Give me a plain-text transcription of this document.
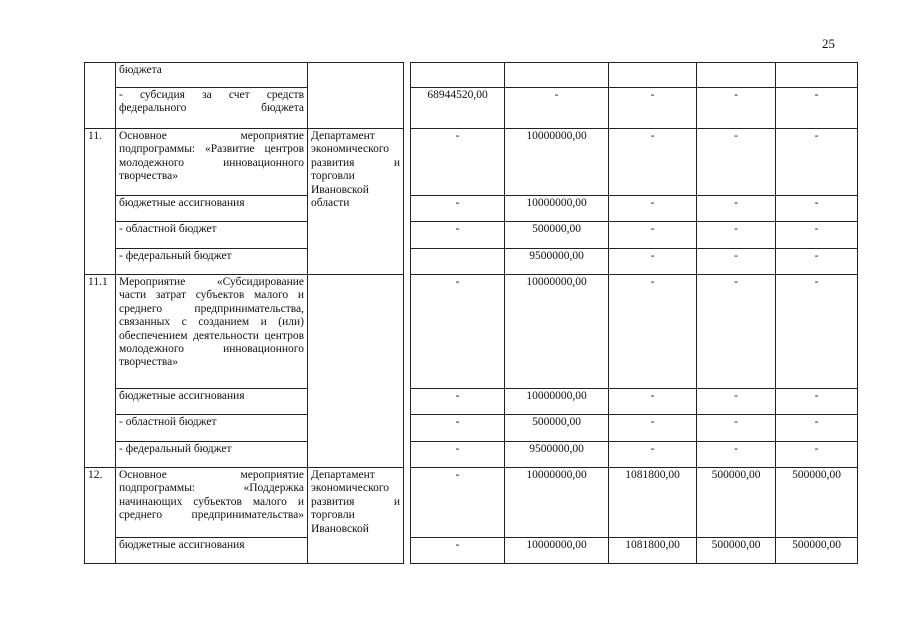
25
	бюджета							
	- субсидия за счет средств федерального бюджета			68944520,00	-	-	-	-
11.	Основное мероприятие подпрограммы: «Развитие центров молодежного инновационного творчества»	Департамент экономического развития и торговли Ивановской области		-	10000000,00	-	-	-
	бюджетные ассигнования			-	10000000,00	-	-	-
	- областной бюджет			-	500000,00	-	-	-
	- федеральный бюджет				9500000,00	-	-	-
11.1	Мероприятие «Субсидирование части затрат субъектов малого и среднего предпринимательства, связанных с созданием и (или) обеспечением деятельности центров молодежного инновационного творчества»			-	10000000,00	-	-	-
	бюджетные ассигнования			-	10000000,00	-	-	-
	- областной бюджет			-	500000,00	-	-	-
	- федеральный бюджет			-	9500000,00	-	-	-
12.	Основное мероприятие подпрограммы: «Поддержка начинающих субъектов малого и среднего предпринимательства»	Департамент экономического развития и торговли Ивановской		-	10000000,00	1081800,00	500000,00	500000,00
	бюджетные ассигнования			-	10000000,00	1081800,00	500000,00	500000,00
